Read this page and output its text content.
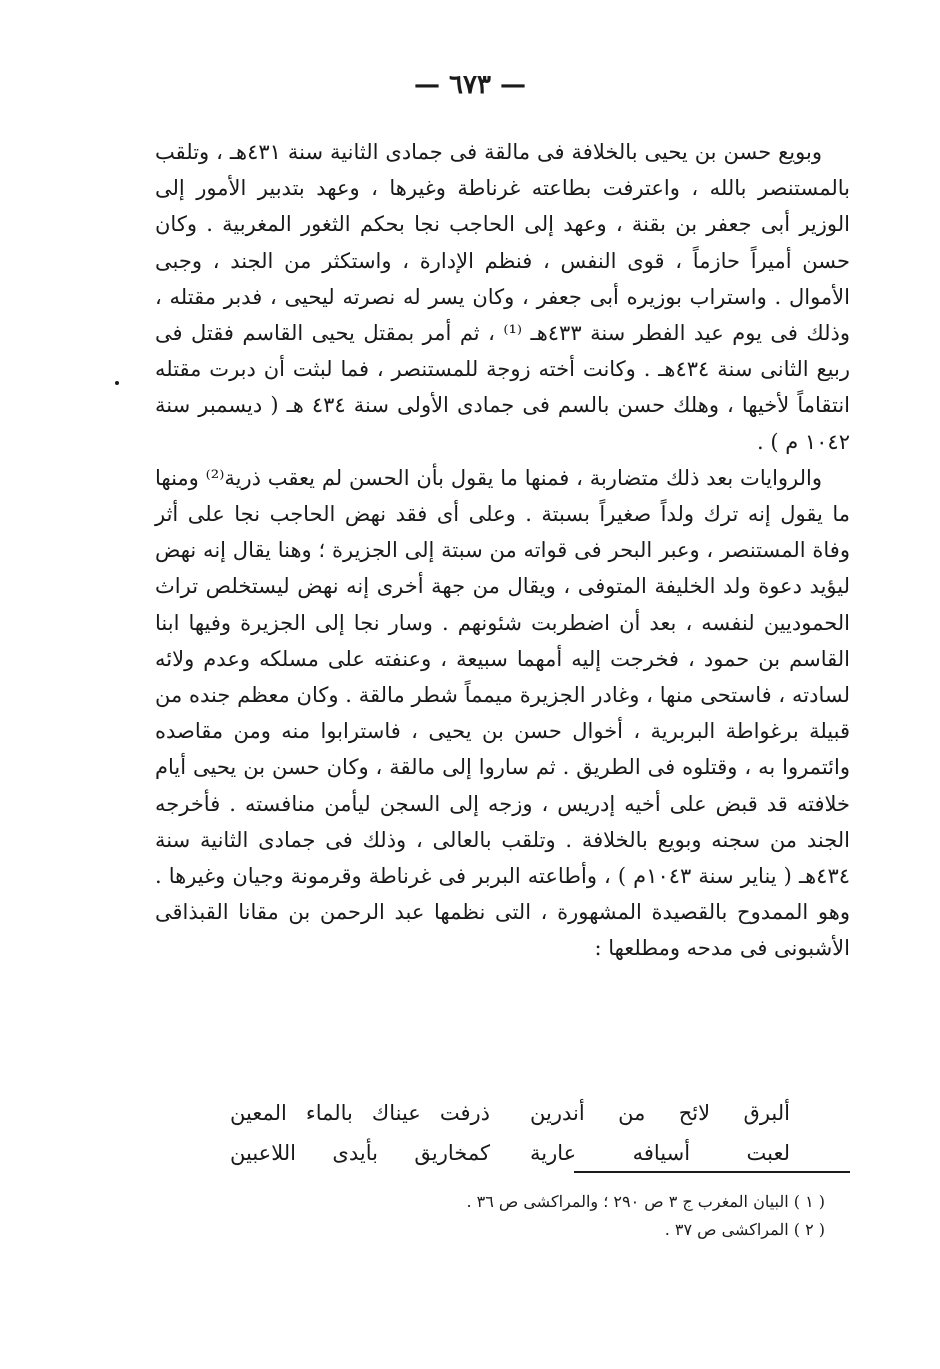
— ٦٧٣ —

وبويع حسن بن يحيى بالخلافة فى مالقة فى جمادى الثانية سنة ٤٣١هـ ، وتلقب بالمستنصر بالله ، واعترفت بطاعته غرناطة وغيرها ، وعهد بتدبير الأمور إلى الوزير أبى جعفر بن بقنة ، وعهد إلى الحاجب نجا بحكم الثغور المغربية . وكان حسن أميراً حازماً ، قوى النفس ، فنظم الإدارة ، واستكثر من الجند ، وجبى الأموال . واستراب بوزيره أبى جعفر ، وكان يسر له نصرته ليحيى ، فدبر مقتله ، وذلك فى يوم عيد الفطر سنة ٤٣٣هـ ⁽¹⁾ ، ثم أمر بمقتل يحيى القاسم فقتل فى ربيع الثانى سنة ٤٣٤هـ . وكانت أخته زوجة للمستنصر ، فما لبثت أن دبرت مقتله انتقاماً لأخيها ، وهلك حسن بالسم فى جمادى الأولى سنة ٤٣٤ هـ ( ديسمبر سنة ١٠٤٢ م ) .

والروايات بعد ذلك متضاربة ، فمنها ما يقول بأن الحسن لم يعقب ذرية⁽²⁾ ومنها ما يقول إنه ترك ولداً صغيراً بسبتة . وعلى أى فقد نهض الحاجب نجا على أثر وفاة المستنصر ، وعبر البحر فى قواته من سبتة إلى الجزيرة ؛ وهنا يقال إنه نهض ليؤيد دعوة ولد الخليفة المتوفى ، ويقال من جهة أخرى إنه نهض ليستخلص تراث الحموديين لنفسه ، بعد أن اضطربت شئونهم . وسار نجا إلى الجزيرة وفيها ابنا القاسم بن حمود ، فخرجت إليه أمهما سبيعة ، وعنفته على مسلكه وعدم ولائه لسادته ، فاستحى منها ، وغادر الجزيرة ميمماً شطر مالقة . وكان معظم جنده من قبيلة برغواطة البربرية ، أخوال حسن بن يحيى ، فاسترابوا منه ومن مقاصده وائتمروا به ، وقتلوه فى الطريق . ثم ساروا إلى مالقة ، وكان حسن بن يحيى أيام خلافته قد قبض على أخيه إدريس ، وزجه إلى السجن ليأمن منافسته . فأخرجه الجند من سجنه وبويع بالخلافة . وتلقب بالعالى ، وذلك فى جمادى الثانية سنة ٤٣٤هـ ( يناير سنة ١٠٤٣م ) ، وأطاعته البربر فى غرناطة وقرمونة وجيان وغيرها . وهو الممدوح بالقصيدة المشهورة ، التى نظمها عبد الرحمن بن مقانا القبذاقى الأشبونى فى مدحه ومطلعها :

ألبرق لائح من أندرين
ذرفت عيناك بالماء المعين
لعبت أسيافه عارية
كمخاريق بأيدى اللاعبين

( ١ ) البيان المغرب ج ٣ ص ٢٩٠ ؛ والمراكشى ص ٣٦ .

( ٢ ) المراكشى ص ٣٧ .
